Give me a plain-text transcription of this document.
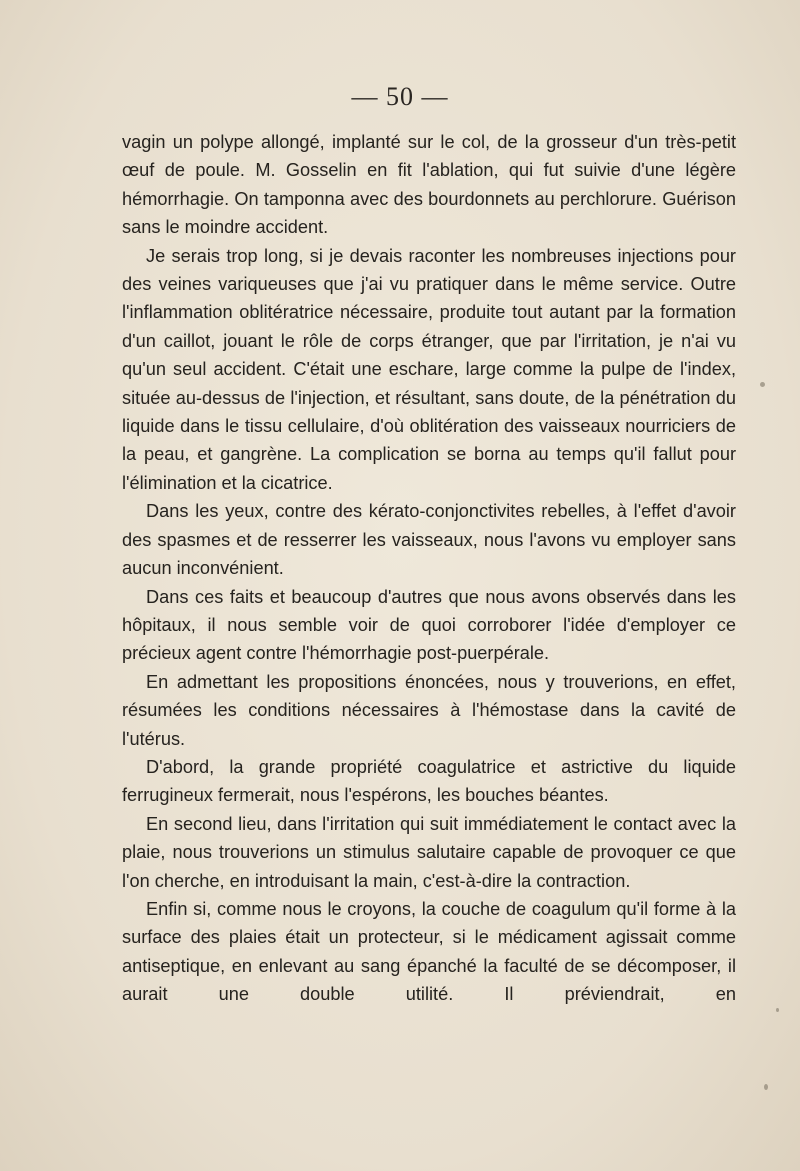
— 50 —

vagin un polype allongé, implanté sur le col, de la grosseur d'un très-petit œuf de poule. M. Gosselin en fit l'ablation, qui fut suivie d'une légère hémorrhagie. On tamponna avec des bourdonnets au perchlorure. Guérison sans le moindre accident.

Je serais trop long, si je devais raconter les nombreuses injections pour des veines variqueuses que j'ai vu pratiquer dans le même service. Outre l'inflammation oblitératrice nécessaire, produite tout autant par la formation d'un caillot, jouant le rôle de corps étranger, que par l'irritation, je n'ai vu qu'un seul accident. C'était une eschare, large comme la pulpe de l'index, située au-dessus de l'injection, et résultant, sans doute, de la pénétration du liquide dans le tissu cellulaire, d'où oblitération des vaisseaux nourriciers de la peau, et gangrène. La complication se borna au temps qu'il fallut pour l'élimination et la cicatrice.

Dans les yeux, contre des kérato-conjonctivites rebelles, à l'effet d'avoir des spasmes et de resserrer les vaisseaux, nous l'avons vu employer sans aucun inconvénient.

Dans ces faits et beaucoup d'autres que nous avons observés dans les hôpitaux, il nous semble voir de quoi corroborer l'idée d'employer ce précieux agent contre l'hémorrhagie post-puerpérale.

En admettant les propositions énoncées, nous y trouverions, en effet, résumées les conditions nécessaires à l'hémostase dans la cavité de l'utérus.

D'abord, la grande propriété coagulatrice et astrictive du liquide ferrugineux fermerait, nous l'espérons, les bouches béantes.

En second lieu, dans l'irritation qui suit immédiatement le contact avec la plaie, nous trouverions un stimulus salutaire capable de provoquer ce que l'on cherche, en introduisant la main, c'est-à-dire la contraction.

Enfin si, comme nous le croyons, la couche de coagulum qu'il forme à la surface des plaies était un protecteur, si le médicament agissait comme antiseptique, en enlevant au sang épanché la faculté de se décomposer, il aurait une double utilité. Il préviendrait, en
